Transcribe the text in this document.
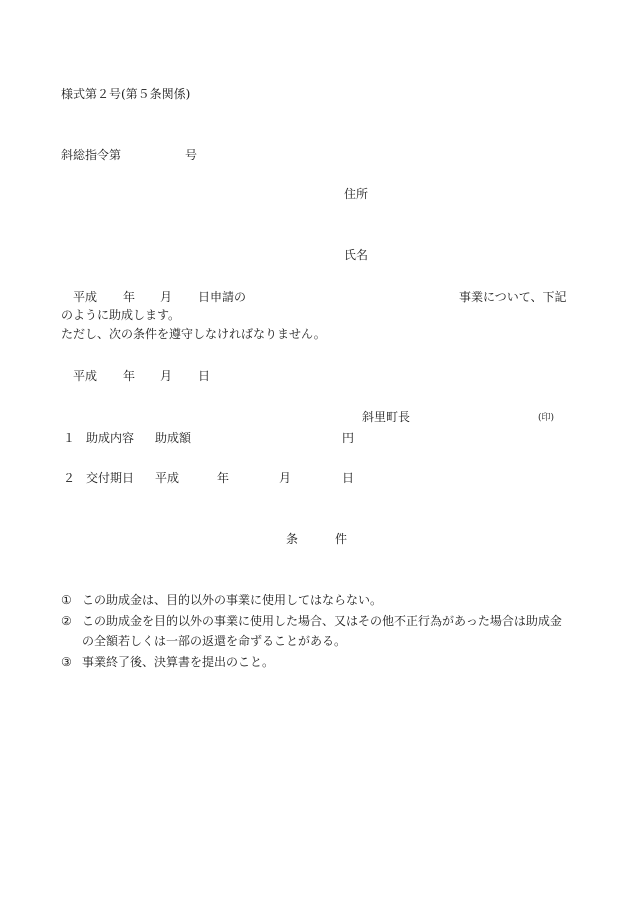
様式第２号(第５条関係)
斜総指令第	号
住所
氏名
平成 年 月 日申請の	事業について、下記
のように助成します。
ただし、次の条件を遵守しなければなりません。
平成 年 月 日
斜里町長	(印)
１ 助成内容 助成額	円
２ 交付期日 平成	年	月	日
条	件
① この助成金は、目的以外の事業に使用してはならない。
② この助成金を目的以外の事業に使用した場合、又はその他不正行為があった場合は助成金
の全額若しくは一部の返還を命ずることがある。
③ 事業終了後、決算書を提出のこと。
